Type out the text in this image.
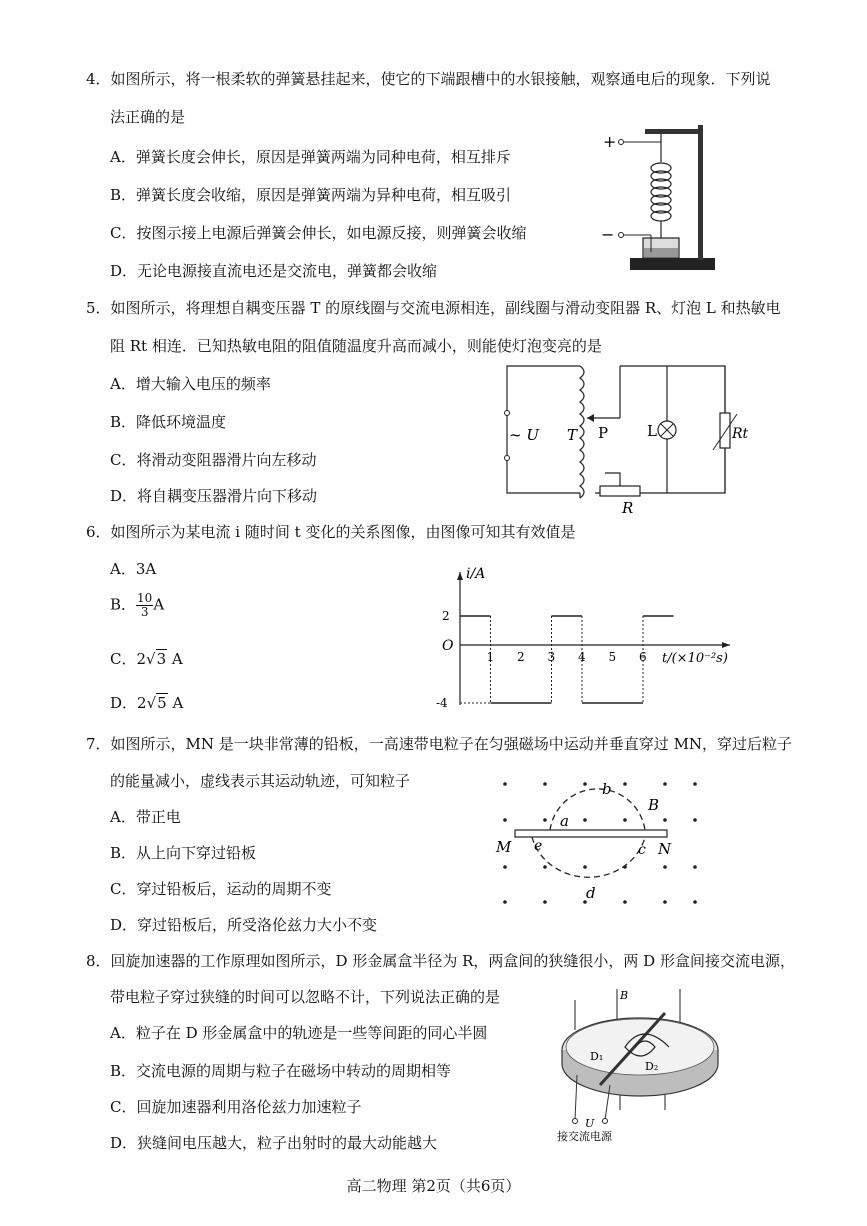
4．如图所示，将一根柔软的弹簧悬挂起来，使它的下端跟槽中的水银接触，观察通电后的现象．下列说
法正确的是
A．弹簧长度会伸长，原因是弹簧两端为同种电荷，相互排斥
B．弹簧长度会收缩，原因是弹簧两端为异种电荷，相互吸引
C．按图示接上电源后弹簧会伸长，如电源反接，则弹簧会收缩
D．无论电源接直流电还是交流电，弹簧都会收缩
+
−
5．如图所示，将理想自耦变压器 T 的原线圈与交流电源相连，副线圈与滑动变阻器 R、灯泡 L 和热敏电
阻 Rt 相连．已知热敏电阻的阻值随温度升高而减小，则能使灯泡变亮的是
A．增大输入电压的频率
B．降低环境温度
C．将滑动变阻器滑片向左移动
D．将自耦变压器滑片向下移动
~ U T P	L	Rt
R
6．如图所示为某电流 i 随时间 t 变化的关系图像，由图像可知其有效值是
A．3A
B． $\frac{10}{3}$ A
C．2√3 A
D．2√5 A
i/A
t/(×10⁻²s)
O
1 2 3 4 5 6
2
-4
7．如图所示，MN 是一块非常薄的铅板，一高速带电粒子在匀强磁场中运动并垂直穿过 MN，穿过后粒子
的能量减小，虚线表示其运动轨迹，可知粒子
A．带正电
B．从上向下穿过铅板
C．穿过铅板后，运动的周期不变
D．穿过铅板后，所受洛伦兹力大小不变
b
B
a
M e	c N
d
8．回旋加速器的工作原理如图所示，D 形金属盒半径为 R，两盒间的狭缝很小，两 D 形盒间接交流电源，
带电粒子穿过狭缝的时间可以忽略不计，下列说法正确的是
A．粒子在 D 形金属盒中的轨迹是一些等间距的同心半圆
B．交流电源的周期与粒子在磁场中转动的周期相等
C．回旋加速器利用洛伦兹力加速粒子
D．狭缝间电压越大，粒子出射时的最大动能越大
B
D₁
D₂
U
接交流电源
高二物理 第2页（共6页）
